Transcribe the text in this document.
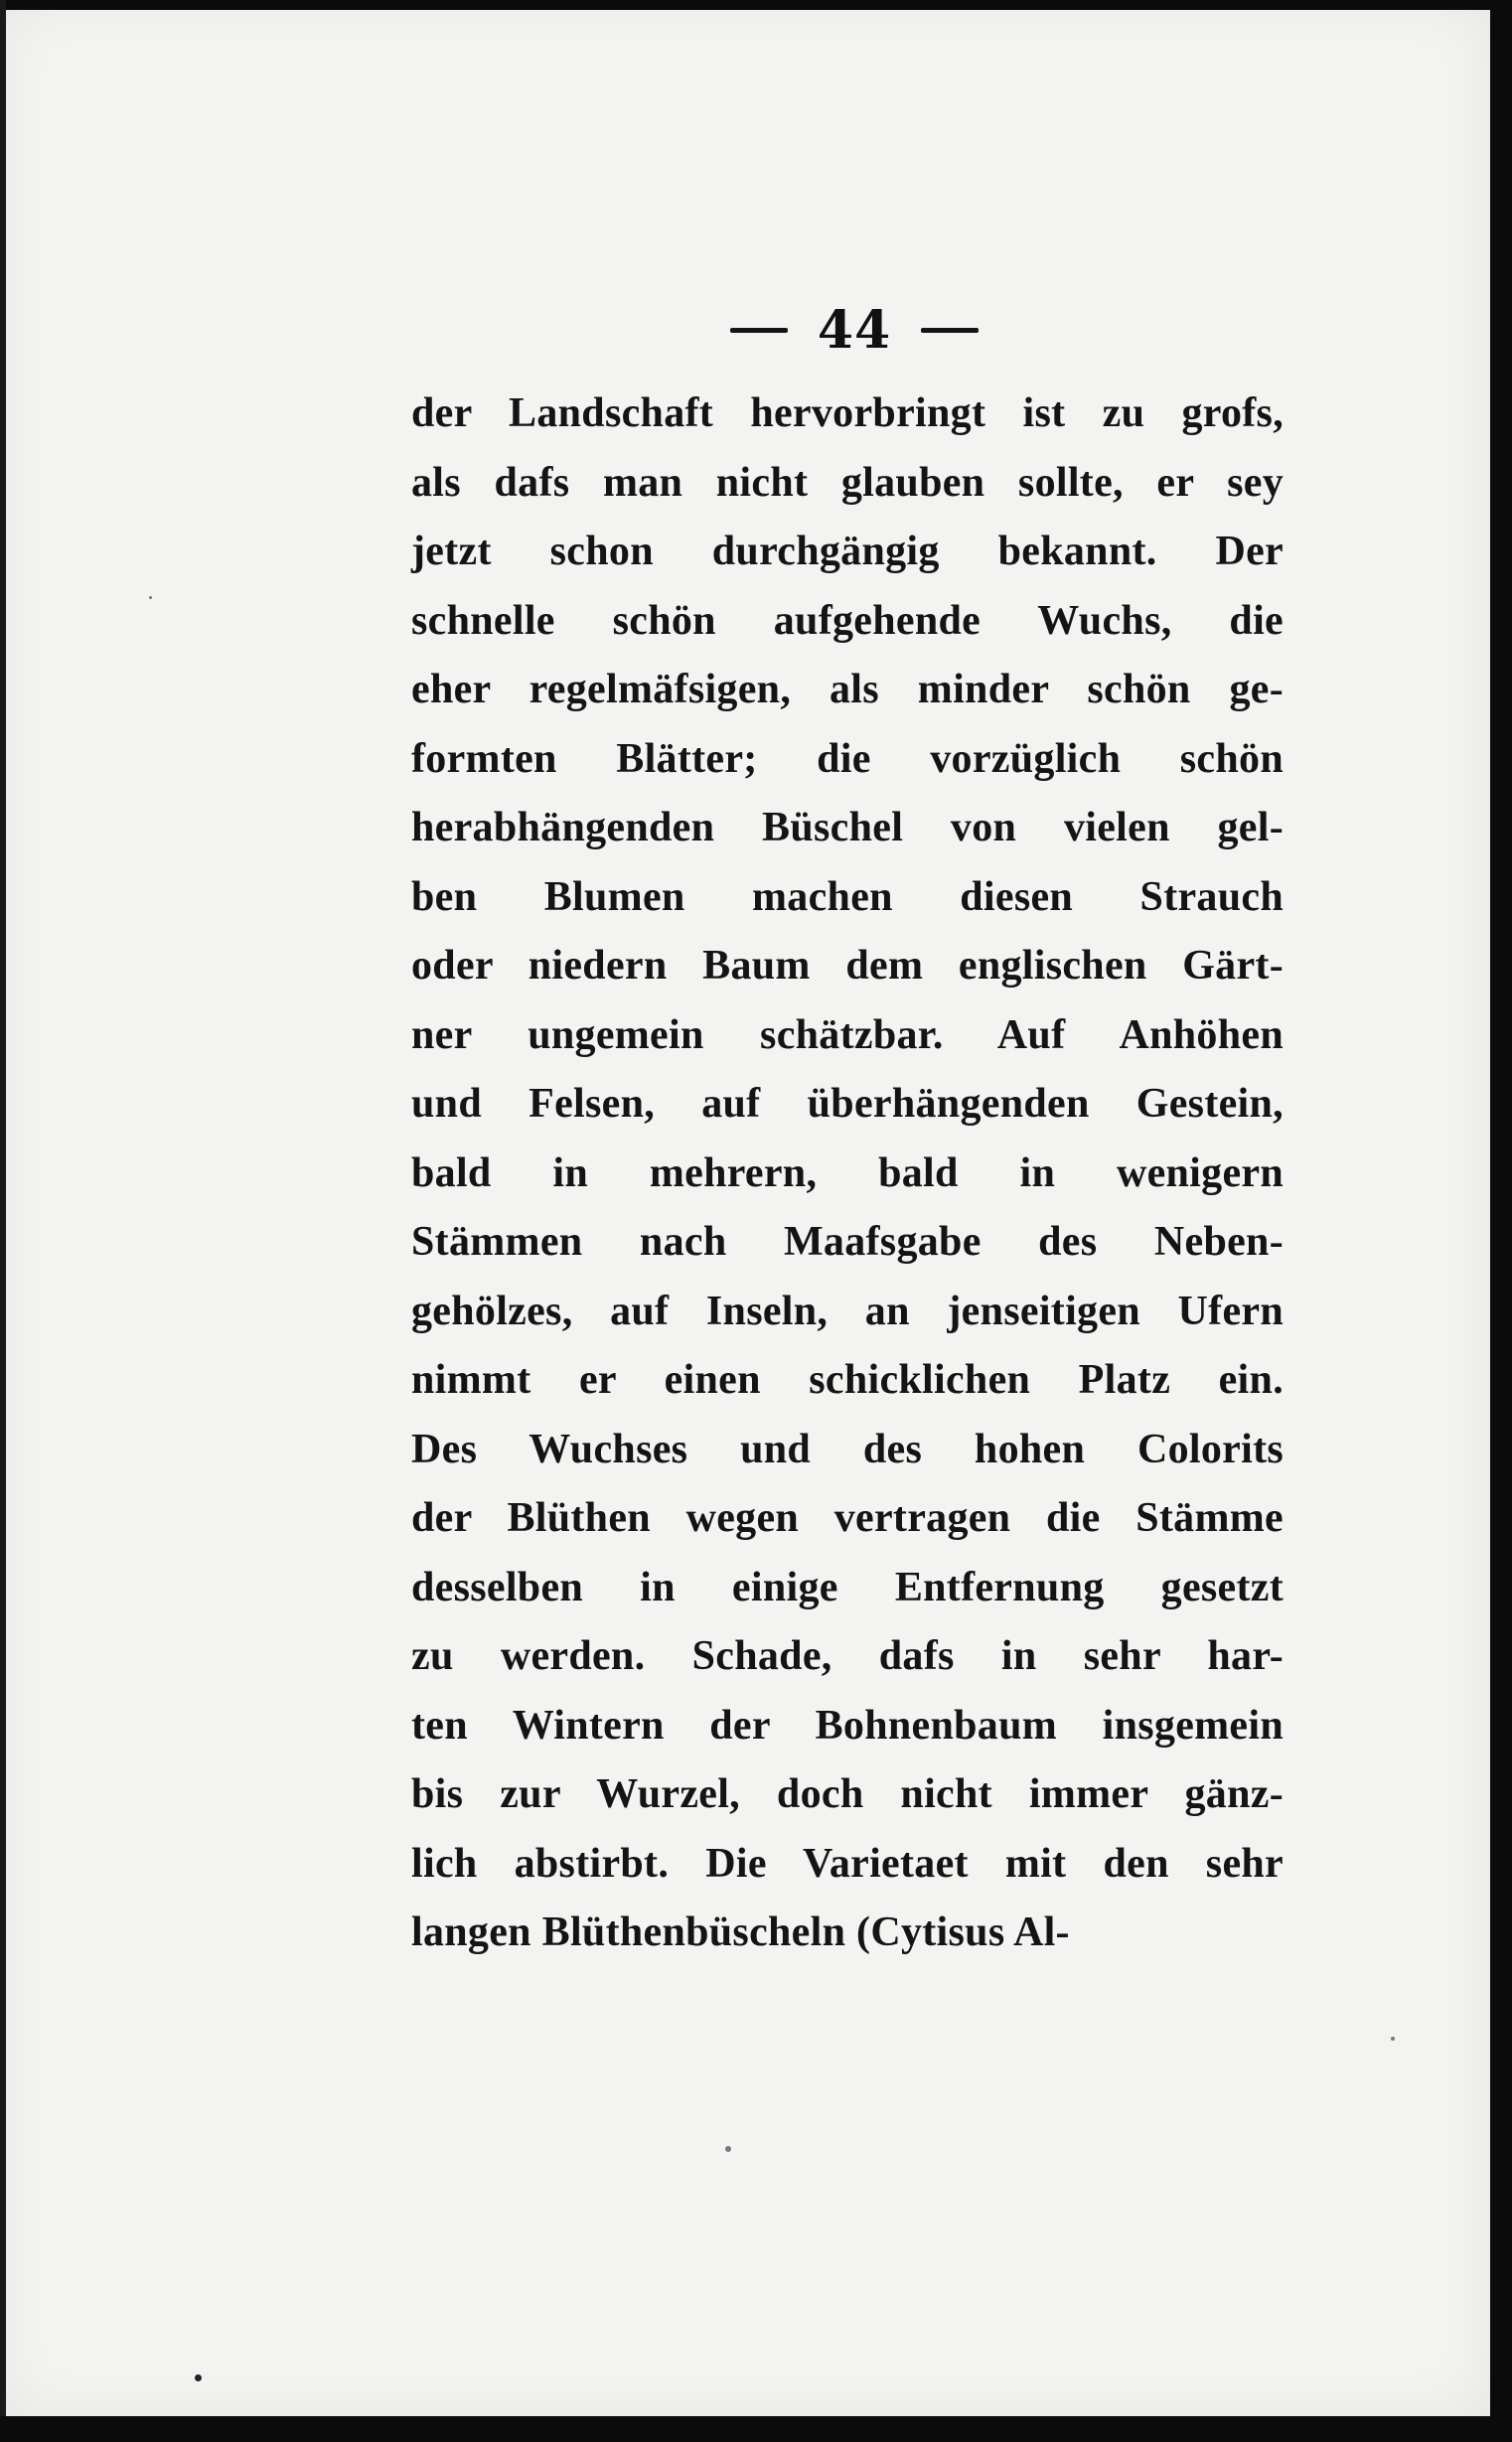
44
der Landschaft hervorbringt ist zu grofs,
als dafs man nicht glauben sollte, er sey
jetzt schon durchgängig bekannt. Der
schnelle schön aufgehende Wuchs, die
eher regelmäfsigen, als minder schön ge-
formten Blätter; die vorzüglich schön
herabhängenden Büschel von vielen gel-
ben Blumen machen diesen Strauch
oder niedern Baum dem englischen Gärt-
ner ungemein schätzbar. Auf Anhöhen
und Felsen, auf überhängenden Gestein,
bald in mehrern, bald in wenigern
Stämmen nach Maafsgabe des Neben-
gehölzes, auf Inseln, an jenseitigen Ufern
nimmt er einen schicklichen Platz ein.
Des Wuchses und des hohen Colorits
der Blüthen wegen vertragen die Stämme
desselben in einige Entfernung gesetzt
zu werden. Schade, dafs in sehr har-
ten Wintern der Bohnenbaum insgemein
bis zur Wurzel, doch nicht immer gänz-
lich abstirbt. Die Varietaet mit den sehr
langen Blüthenbüscheln (Cytisus Al-
